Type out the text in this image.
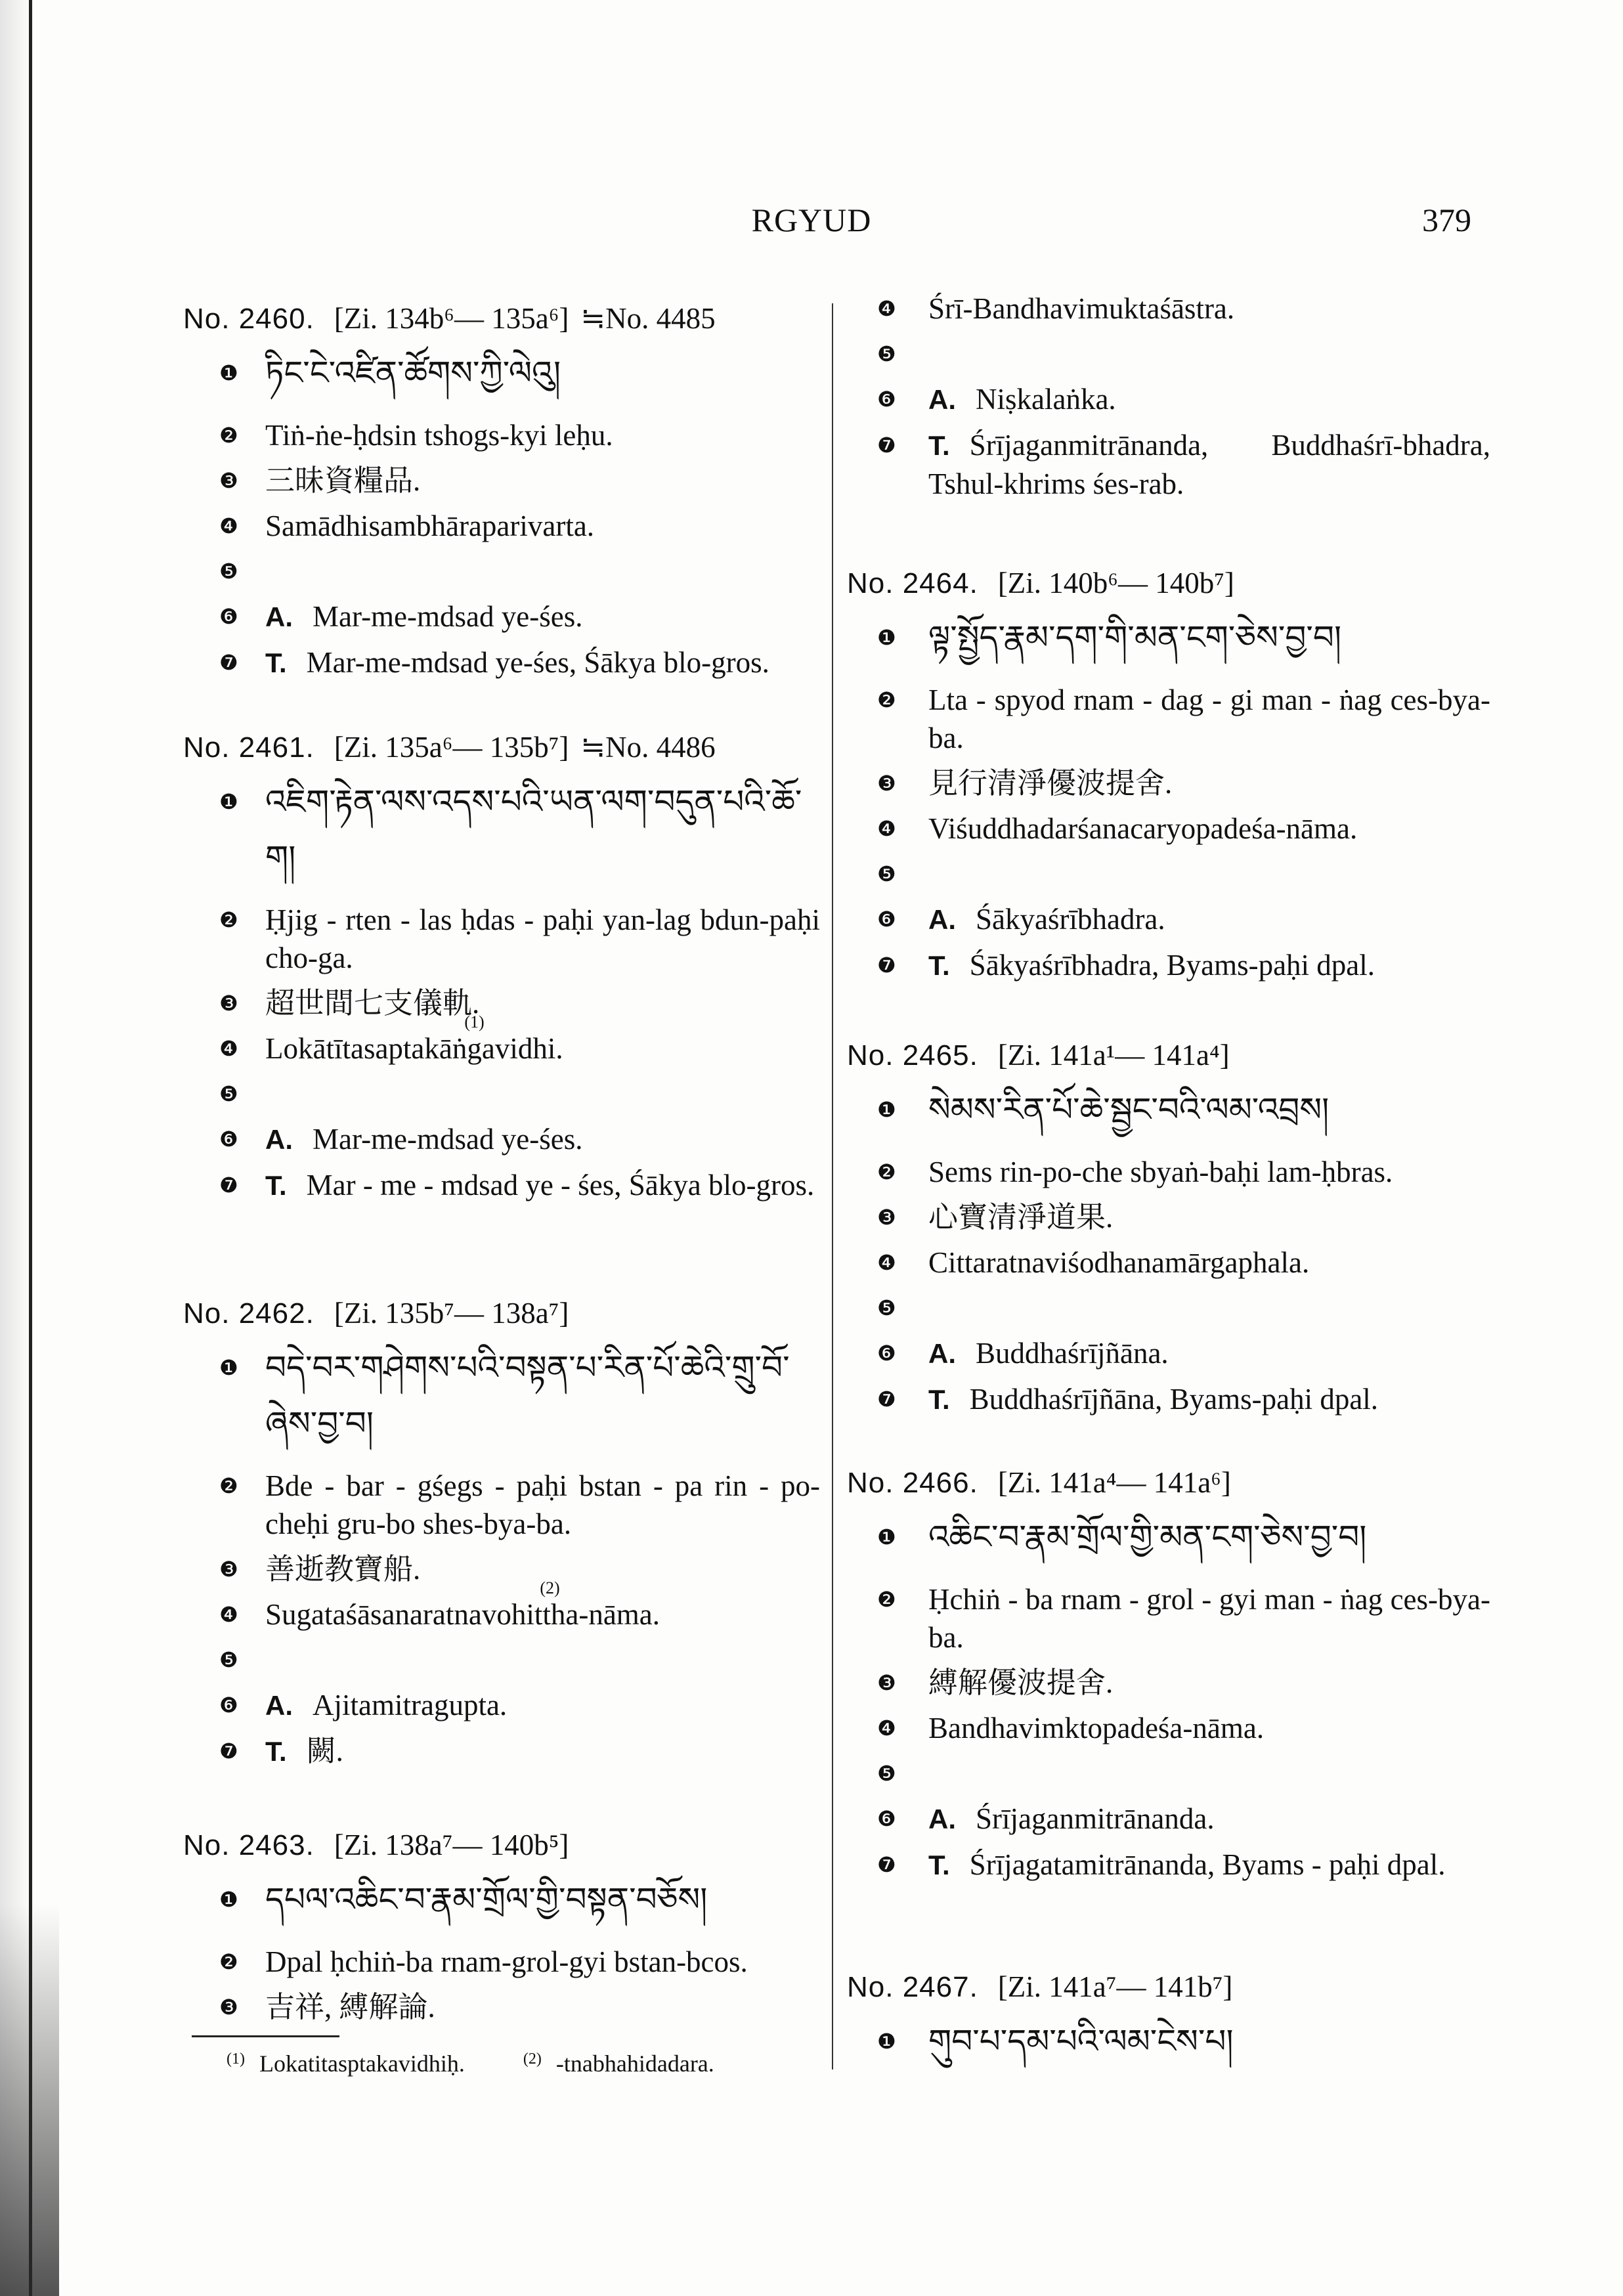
RGYUD	379
No. 2460. [Zi. 134b⁶— 135a⁶] ≒No. 4485
❶ ཏིང་ངེ་འཛིན་ཚོགས་ཀྱི་ལེའུ།
❷ Tiṅ-ṅe-ḥdsin tshogs-kyi leḥu.
❸ 三昧資糧品.
❹ Samādhisambhāraparivarta.
❺
❻ A. Mar-me-mdsad ye-śes.
❼ T. Mar-me-mdsad ye-śes, Śākya blo-gros.
No. 2461. [Zi. 135a⁶— 135b⁷] ≒No. 4486
❶ འཇིག་རྟེན་ལས་འདས་པའི་ཡན་ལག་བདུན་པའི་ཆོ་ག།
❷ Ḥjig - rten - las ḥdas - paḥi yan-lag bdun-paḥi cho-ga.
❸ 超世間七支儀軌.
❹ Lokātītasaptakāṅ
(1)
gavidhi.
❺
❻ A. Mar-me-mdsad ye-śes.
❼ T. Mar - me - mdsad ye - śes, Śākya blo-gros.
No. 2462. [Zi. 135b⁷— 138a⁷]
❶ བདེ་བར་གཤེགས་པའི་བསྟན་པ་རིན་པོ་ཆེའི་གྲུ་བོ་ཞེས་བྱ་བ།
❷ Bde - bar - gśegs - paḥi bstan - pa rin - po-cheḥi gru-bo shes-bya-ba.
❸ 善逝教寶船.
❹ Sugataśāsanaratnavohit
(2)
tha-nāma.
❺
❻ A. Ajitamitragupta.
❼ T. 闕.
No. 2463. [Zi. 138a⁷— 140b⁵]
❶ དཔལ་འཆིང་བ་རྣམ་གྲོལ་གྱི་བསྟན་བཅོས།
❷ Dpal ḥchiṅ-ba rnam-grol-gyi bstan-bcos.
❸ 吉祥, 縛解論.
❹	Śrī-Bandhavimuktaśāstra.
❺
❻	A. Niṣkalaṅka.
❼	T. Śrījaganmitrānanda, Buddhaśrī-bhadra, Tshul-khrims śes-rab.
No. 2464. [Zi. 140b⁶— 140b⁷]
❶ ལྟ་སྤྱོད་རྣམ་དག་གི་མན་ངག་ཅེས་བྱ་བ།
❷	Lta - spyod rnam - dag - gi man - ṅag ces-bya-ba.
❸	見行清淨優波提舍.
❹	Viśuddhadarśanacaryopadeśa-nāma.
❺
❻	A. Śākyaśrībhadra.
❼	T. Śākyaśrībhadra, Byams-paḥi dpal.
No. 2465. [Zi. 141a¹— 141a⁴]
❶ སེམས་རིན་པོ་ཆེ་སྦྱང་བའི་ལམ་འབྲས།
❷	Sems rin-po-che sbyaṅ-baḥi lam-ḥbras.
❸	心寶清淨道果.
❹	Cittaratnaviśodhanamārgaphala.
❺
❻	A. Buddhaśrījñāna.
❼	T. Buddhaśrījñāna, Byams-paḥi dpal.
No. 2466. [Zi. 141a⁴— 141a⁶]
❶ འཆིང་བ་རྣམ་གྲོལ་གྱི་མན་ངག་ཅེས་བྱ་བ།
❷	Ḥchiṅ - ba rnam - grol - gyi man - ṅag ces-bya-ba.
❸	縛解優波提舍.
❹	Bandhavimktopadeśa-nāma.
❺
❻	A. Śrījaganmitrānanda.
❼	T. Śrījagatamitrānanda, Byams - paḥi dpal.
No. 2467. [Zi. 141a⁷— 141b⁷]
❶ གུབ་པ་དམ་པའི་ལམ་ངེས་པ།
$^{(1)}$ Lokatitasptakavidhiḥ.	$^{(2)}$ -tnabhahidadara.
